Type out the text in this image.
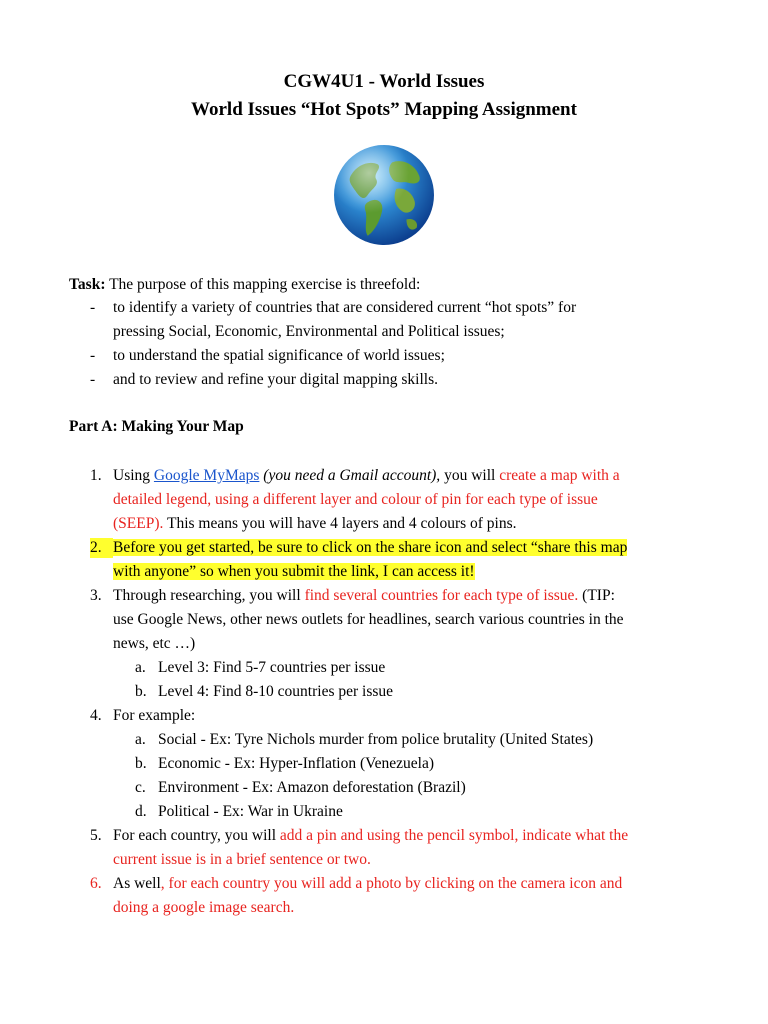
CGW4U1 - World Issues
World Issues “Hot Spots” Mapping Assignment
Task: The purpose of this mapping exercise is threefold:
- to identify a variety of countries that are considered current “hot spots” for
pressing Social, Economic, Environmental and Political issues;
- to understand the spatial significance of world issues;
- and to review and refine your digital mapping skills.
Part A: Making Your Map
1. Using Google MyMaps (you need a Gmail account), you will create a map with a
detailed legend, using a different layer and colour of pin for each type of issue
(SEEP). This means you will have 4 layers and 4 colours of pins.
2. Before you get started, be sure to click on the share icon and select “share this map
with anyone” so when you submit the link, I can access it!
3. Through researching, you will find several countries for each type of issue. (TIP:
use Google News, other news outlets for headlines, search various countries in the
news, etc …)
a. Level 3: Find 5-7 countries per issue
b. Level 4: Find 8-10 countries per issue
4. For example:
a. Social - Ex: Tyre Nichols murder from police brutality (United States)
b. Economic - Ex: Hyper-Inflation (Venezuela)
c. Environment - Ex: Amazon deforestation (Brazil)
d. Political - Ex: War in Ukraine
5. For each country, you will add a pin and using the pencil symbol, indicate what the
current issue is in a brief sentence or two.
6. As well, for each country you will add a photo by clicking on the camera icon and
doing a google image search.
